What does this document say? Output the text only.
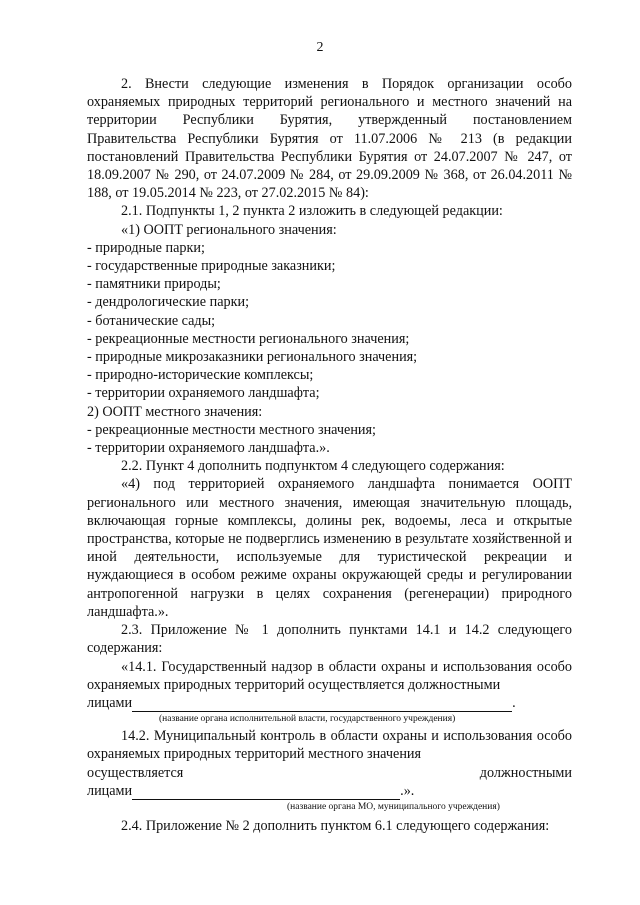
2

2. Внести следующие изменения в Порядок организации особо охраняемых природных территорий регионального и местного значений на территории Республики Бурятия, утвержденный постановлением Правительства Республики Бурятия от 11.07.2006 № 213 (в редакции постановлений Правительства Республики Бурятия от 24.07.2007 № 247, от 18.09.2007 № 290, от 24.07.2009 № 284, от 29.09.2009 № 368, от 26.04.2011 № 188, от 19.05.2014 № 223, от 27.02.2015 № 84):

2.1. Подпункты 1, 2 пункта 2 изложить в следующей редакции:

«1) ООПТ регионального значения:

- природные парки;

- государственные природные заказники;

- памятники природы;

- дендрологические парки;

- ботанические сады;

- рекреационные местности регионального значения;

- природные микрозаказники регионального значения;

- природно-исторические комплексы;

- территории охраняемого ландшафта;

2) ООПТ местного значения:

- рекреационные местности местного значения;

- территории охраняемого ландшафта.».

2.2. Пункт 4 дополнить подпунктом 4 следующего содержания:

«4) под территорией охраняемого ландшафта понимается ООПТ регионального или местного значения, имеющая значительную площадь, включающая горные комплексы, долины рек, водоемы, леса и открытые пространства, которые не подверглись изменению в результате хозяйственной и иной деятельности, используемые для туристической рекреации и нуждающиеся в особом режиме охраны окружающей среды и регулировании антропогенной нагрузки в целях сохранения (регенерации) природного ландшафта.».

2.3. Приложение № 1 дополнить пунктами 14.1 и 14.2 следующего содержания:

«14.1. Государственный надзор в области охраны и использования особо охраняемых природных территорий осуществляется должностными

лицами	.
(название органа исполнительной власти, государственного учреждения)

14.2. Муниципальный контроль в области охраны и использования особо охраняемых природных территорий местного значения

осуществляется	должностными
лицами	.».
(название органа МО, муниципального учреждения)

2.4. Приложение № 2 дополнить пунктом 6.1 следующего содержания:
